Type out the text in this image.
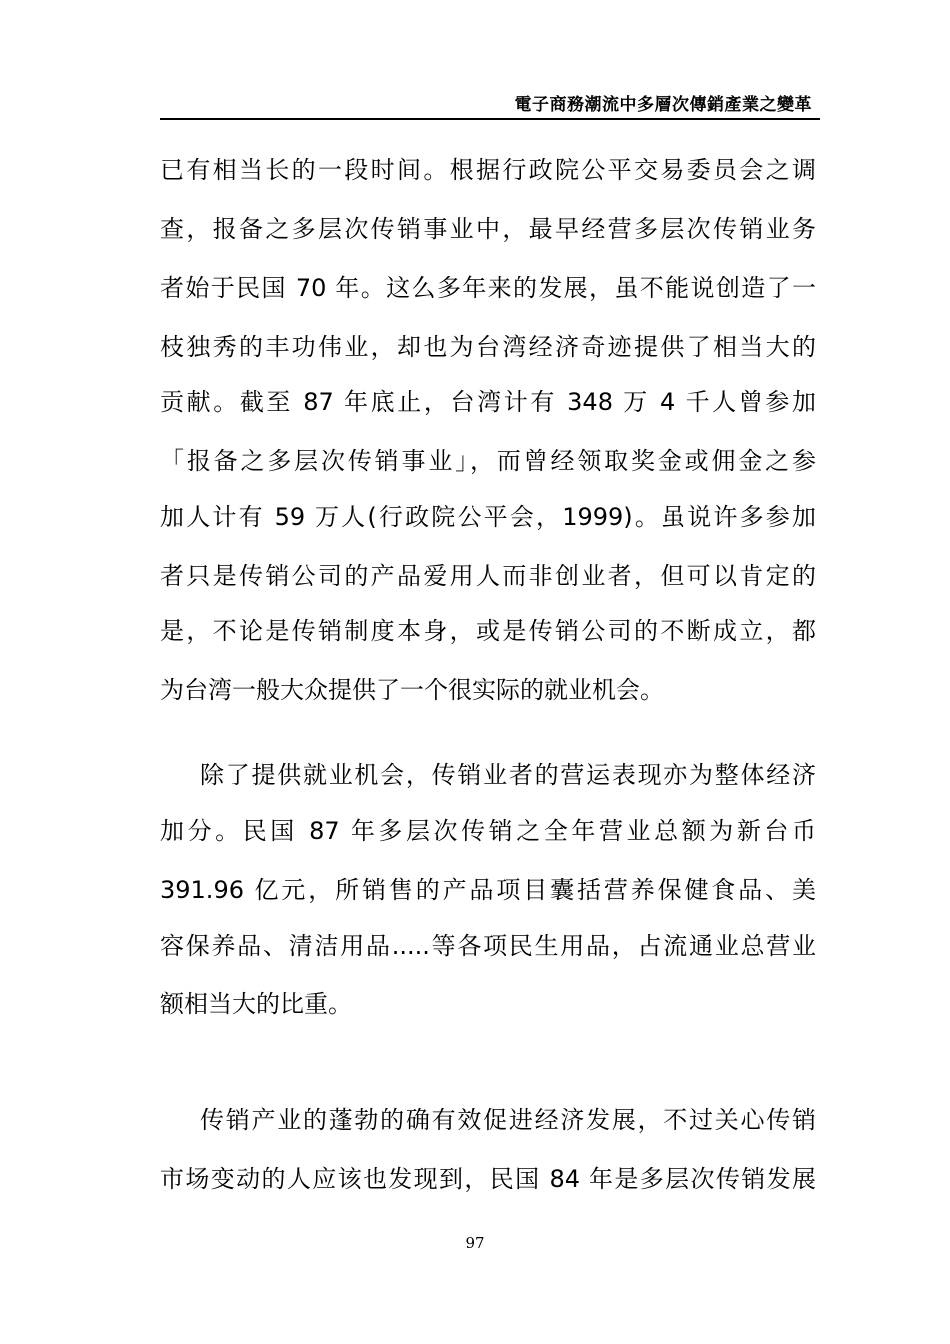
電子商務潮流中多層次傳銷產業之變革
已有相当长的一段时间。根据行政院公平交易委员会之调
查，报备之多层次传销事业中，最早经营多层次传销业务
者始于民国 70 年。这么多年来的发展，虽不能说创造了一
枝独秀的丰功伟业，却也为台湾经济奇迹提供了相当大的
贡献。截至 87 年底止，台湾计有 348 万 4 千人曾参加
「报备之多层次传销事业」，而曾经领取奖金或佣金之参
加人计有 59 万人(行政院公平会，1999)。虽说许多参加
者只是传销公司的产品爱用人而非创业者，但可以肯定的
是，不论是传销制度本身，或是传销公司的不断成立，都
为台湾一般大众提供了一个很实际的就业机会。
除了提供就业机会，传销业者的营运表现亦为整体经济
加分。民国 87 年多层次传销之全年营业总额为新台币
391.96 亿元，所销售的产品项目囊括营养保健食品、美
容保养品、清洁用品.....等各项民生用品，占流通业总营业
额相当大的比重。
传销产业的蓬勃的确有效促进经济发展，不过关心传销
市场变动的人应该也发现到，民国 84 年是多层次传销发展
97
